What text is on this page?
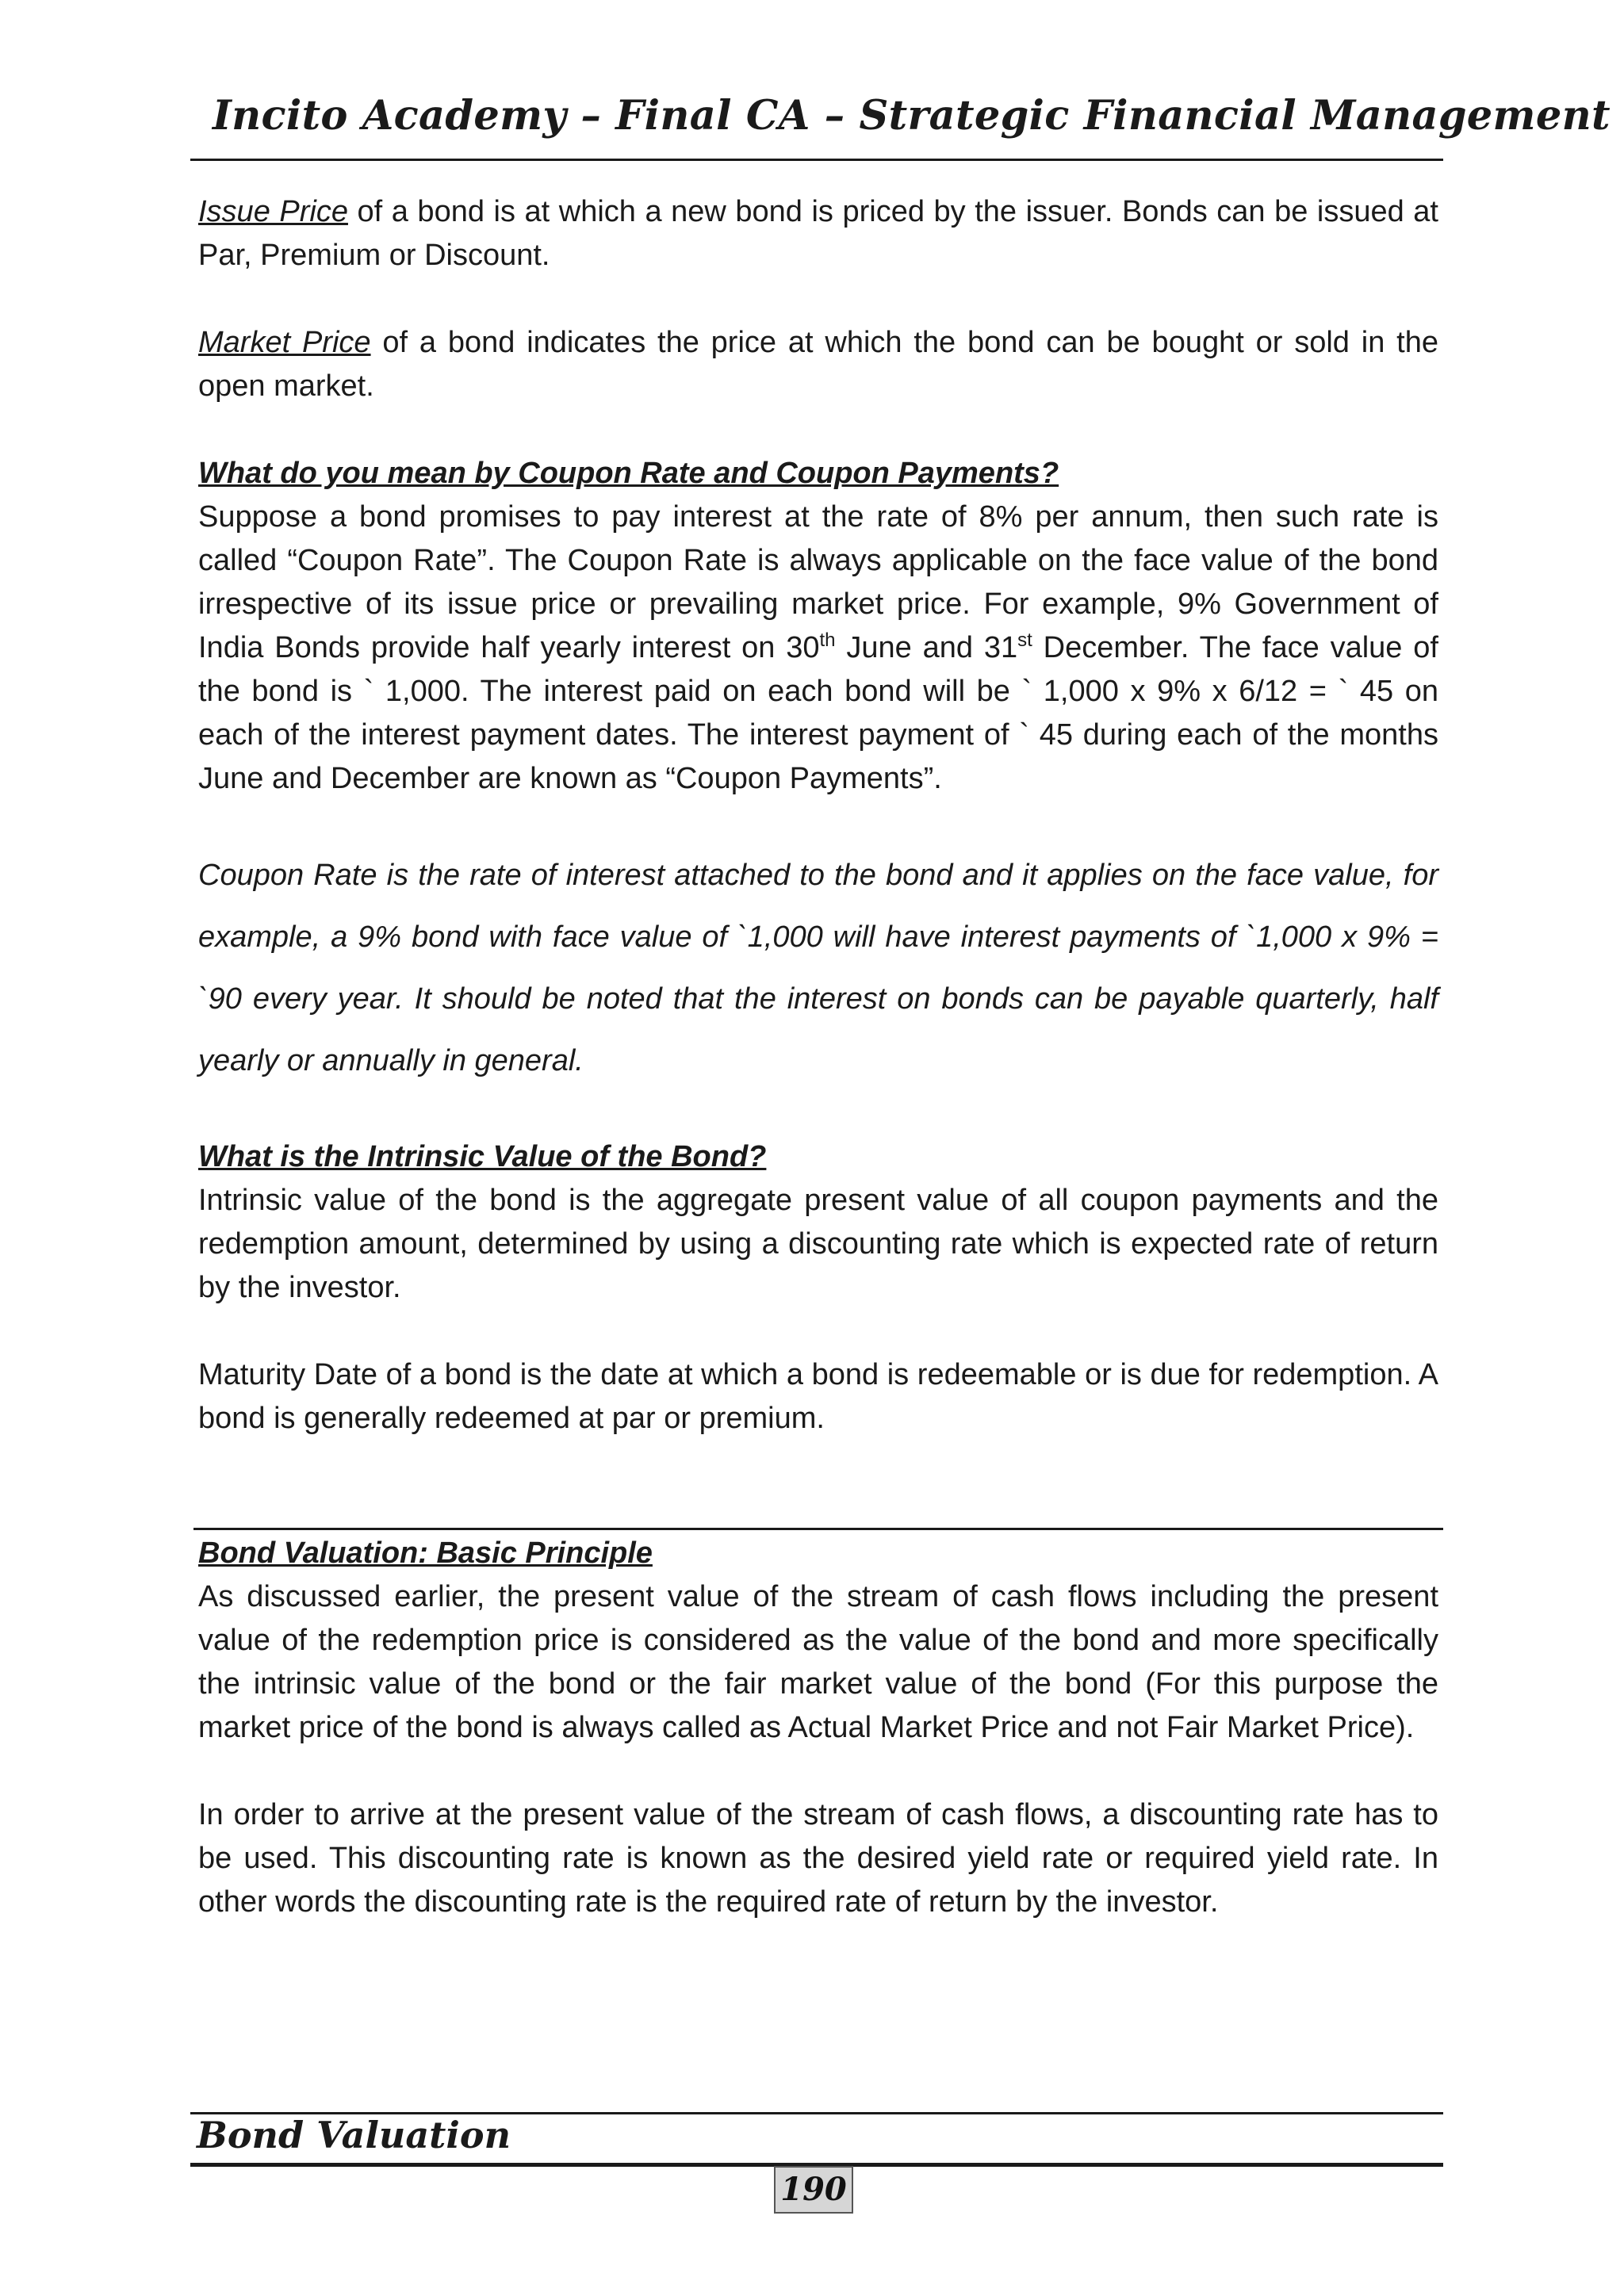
Incito Academy – Final CA – Strategic Financial Management

Issue Price of a bond is at which a new bond is priced by the issuer. Bonds can be issued at Par, Premium or Discount.

Market Price of a bond indicates the price at which the bond can be bought or sold in the open market.

What do you mean by Coupon Rate and Coupon Payments?

Suppose a bond promises to pay interest at the rate of 8% per annum, then such rate is called “Coupon Rate”. The Coupon Rate is always applicable on the face value of the bond irrespective of its issue price or prevailing market price. For example, 9% Government of India Bonds provide half yearly interest on 30th June and 31st December. The face value of the bond is ` 1,000. The interest paid on each bond will be ` 1,000 x 9% x 6/12 = ` 45 on each of the interest payment dates. The interest payment of ` 45 during each of the months June and December are known as “Coupon Payments”.

Coupon Rate is the rate of interest attached to the bond and it applies on the face value, for example, a 9% bond with face value of `1,000 will have interest payments of `1,000 x 9% = `90 every year. It should be noted that the interest on bonds can be payable quarterly, half yearly or annually in general.

What is the Intrinsic Value of the Bond?

Intrinsic value of the bond is the aggregate present value of all coupon payments and the redemption amount, determined by using a discounting rate which is expected rate of return by the investor.

Maturity Date of a bond is the date at which a bond is redeemable or is due for redemption. A bond is generally redeemed at par or premium.

Bond Valuation: Basic Principle

As discussed earlier, the present value of the stream of cash flows including the present value of the redemption price is considered as the value of the bond and more specifically the intrinsic value of the bond or the fair market value of the bond (For this purpose the market price of the bond is always called as Actual Market Price and not Fair Market Price).

In order to arrive at the present value of the stream of cash flows, a discounting rate has to be used. This discounting rate is known as the desired yield rate or required yield rate. In other words the discounting rate is the required rate of return by the investor.

Bond Valuation
190
